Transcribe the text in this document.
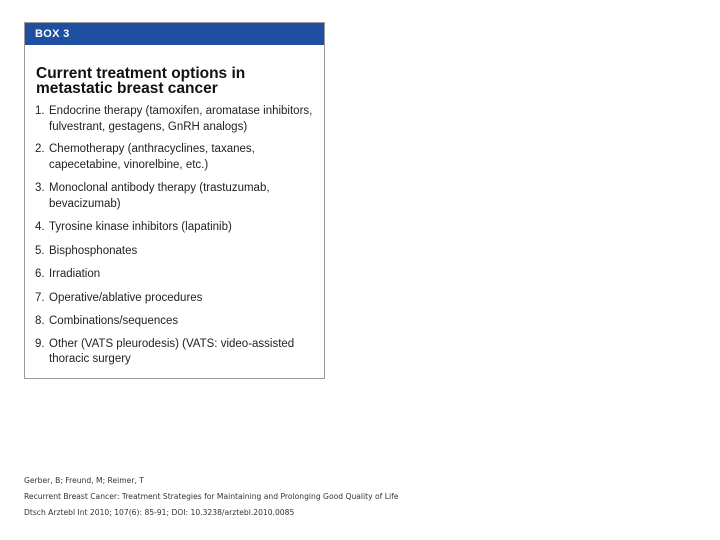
BOX 3
Current treatment options in metastatic breast cancer
1. Endocrine therapy (tamoxifen, aromatase inhibitors, fulvestrant, gestagens, GnRH analogs)
2. Chemotherapy (anthracyclines, taxanes, capecetabine, vinorelbine, etc.)
3. Monoclonal antibody therapy (trastuzumab, bevacizumab)
4. Tyrosine kinase inhibitors (lapatinib)
5. Bisphosphonates
6. Irradiation
7. Operative/ablative procedures
8. Combinations/sequences
9. Other (VATS pleurodesis) (VATS: video-assisted thoracic surgery
Gerber, B; Freund, M; Reimer, T
Recurrent Breast Cancer: Treatment Strategies for Maintaining and Prolonging Good Quality of Life
Dtsch Arztebl Int 2010; 107(6): 85-91; DOI: 10.3238/arztebl.2010.0085
